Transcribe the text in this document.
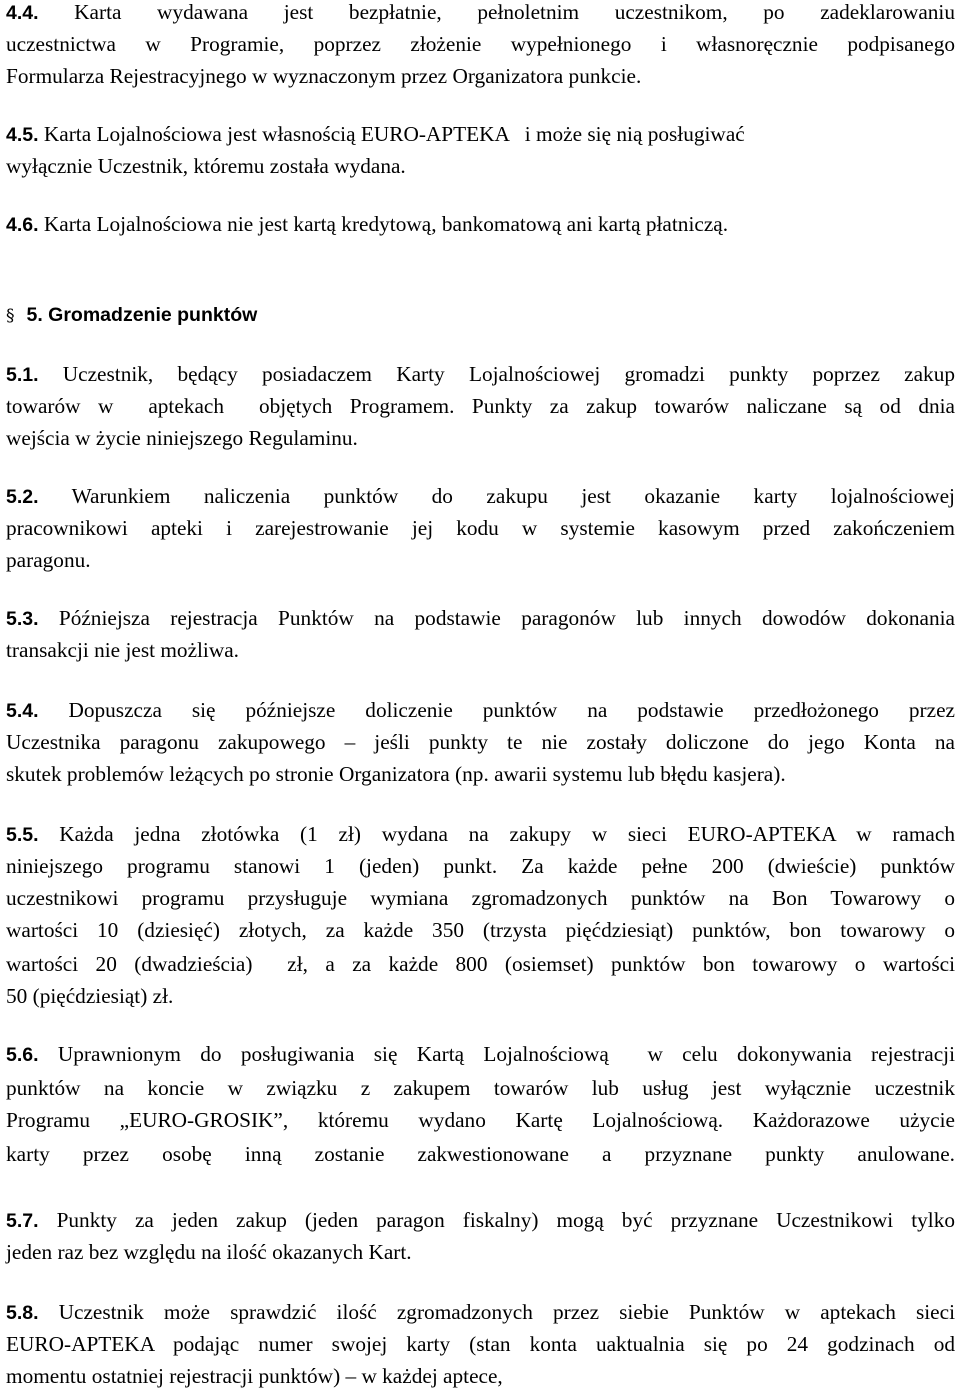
4.4. Karta wydawana jest bezpłatnie, pełnoletnim uczestnikom, po zadeklarowaniu

uczestnictwa w Programie, poprzez złożenie wypełnionego i własnoręcznie podpisanego

Formularza Rejestracyjnego w wyznaczonym przez Organizatora punkcie.

4.5. Karta Lojalnościowa jest własnością EURO-APTEKA   i może się nią posługiwać

wyłącznie Uczestnik, któremu została wydana.

4.6. Karta Lojalnościowa nie jest kartą kredytową, bankomatową ani kartą płatniczą.

§ 5. Gromadzenie punktów

5.1. Uczestnik, będący posiadaczem Karty Lojalnościowej gromadzi punkty poprzez zakup

towarów w  aptekach  objętych Programem. Punkty za zakup towarów naliczane są od dnia

wejścia w życie niniejszego Regulaminu.

5.2. Warunkiem naliczenia punktów do zakupu jest okazanie karty lojalnościowej

pracownikowi apteki i zarejestrowanie jej kodu w systemie kasowym przed zakończeniem

paragonu.

5.3. Późniejsza rejestracja Punktów na podstawie paragonów lub innych dowodów dokonania

transakcji nie jest możliwa.

5.4. Dopuszcza się późniejsze doliczenie punktów na podstawie przedłożonego przez

Uczestnika paragonu zakupowego – jeśli punkty te nie zostały doliczone do jego Konta na

skutek problemów leżących po stronie Organizatora (np. awarii systemu lub błędu kasjera).

5.5. Każda jedna złotówka (1 zł) wydana na zakupy w sieci EURO-APTEKA w ramach

niniejszego programu stanowi 1 (jeden) punkt. Za każde pełne 200 (dwieście) punktów

uczestnikowi programu przysługuje wymiana zgromadzonych punktów na Bon Towarowy o

wartości 10 (dziesięć) złotych, za każde 350 (trzysta pięćdziesiąt) punktów, bon towarowy o

wartości 20 (dwadzieścia)  zł, a za każde 800 (osiemset) punktów bon towarowy o wartości

50 (pięćdziesiąt) zł.

5.6. Uprawnionym do posługiwania się Kartą Lojalnościową  w celu dokonywania rejestracji

punktów na koncie w związku z zakupem towarów lub usług jest wyłącznie uczestnik

Programu „EURO-GROSIK”, któremu wydano Kartę Lojalnościową. Każdorazowe użycie

karty przez osobę inną zostanie zakwestionowane a przyznane punkty anulowane.

5.7. Punkty za jeden zakup (jeden paragon fiskalny) mogą być przyznane Uczestnikowi tylko

jeden raz bez względu na ilość okazanych Kart.

5.8. Uczestnik może sprawdzić ilość zgromadzonych przez siebie Punktów w aptekach sieci

EURO-APTEKA podając numer swojej karty (stan konta uaktualnia się po 24 godzinach od

momentu ostatniej rejestracji punktów) – w każdej aptece,
